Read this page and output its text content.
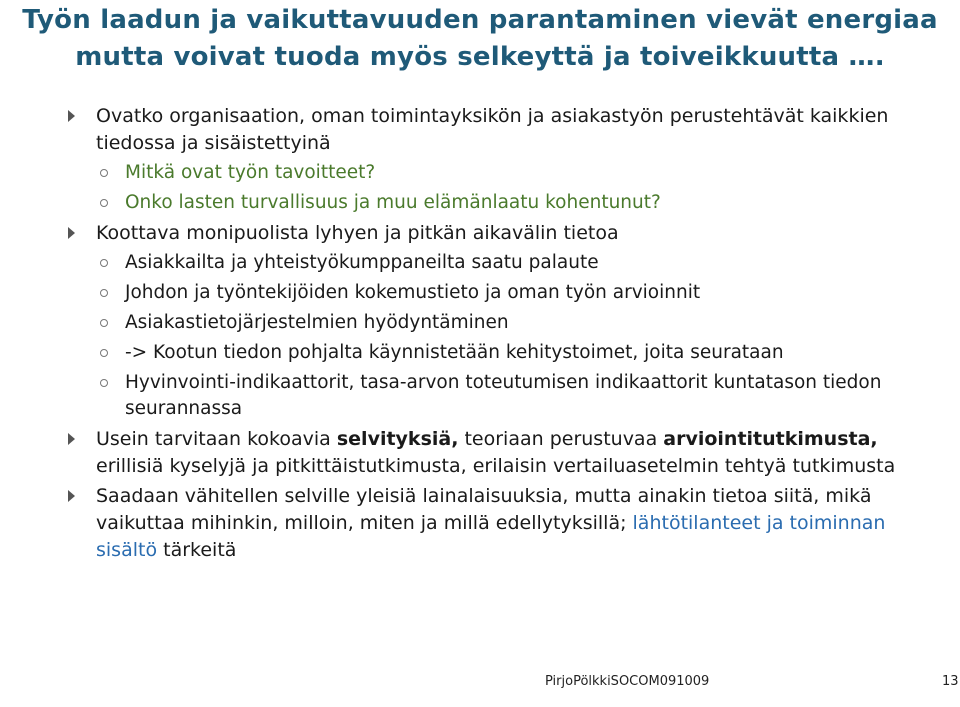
Työn laadun ja vaikuttavuuden parantaminen vievät energiaa
mutta voivat tuoda myös selkeyttä ja toiveikkuutta ….
Ovatko organisaation, oman toimintayksikön ja asiakastyön perustehtävät kaikkien tiedossa ja sisäistettyinä
Mitkä ovat työn tavoitteet?
Onko lasten turvallisuus ja muu elämänlaatu kohentunut?
Koottava monipuolista lyhyen ja pitkän aikavälin tietoa
Asiakkailta ja yhteistyökumppaneilta saatu palaute
Johdon ja työntekijöiden kokemustieto ja oman työn arvioinnit
Asiakastietojärjestelmien hyödyntäminen
-> Kootun tiedon pohjalta käynnistetään kehitystoimet, joita seurataan
Hyvinvointi-indikaattorit, tasa-arvon toteutumisen indikaattorit kuntatason tiedon seurannassa
Usein tarvitaan kokoavia selvityksiä, teoriaan perustuvaa arviointitutkimusta, erillisiä kyselyjä ja pitkittäistutkimusta, erilaisin vertailuasetelmin tehtyä tutkimusta
Saadaan vähitellen selville yleisiä lainalaisuuksia, mutta ainakin tietoa siitä, mikä vaikuttaa mihinkin, milloin, miten ja millä edellytyksillä; lähtötilanteet ja toiminnan sisältö tärkeitä
PirjoPölkkiSOCOM091009	13
